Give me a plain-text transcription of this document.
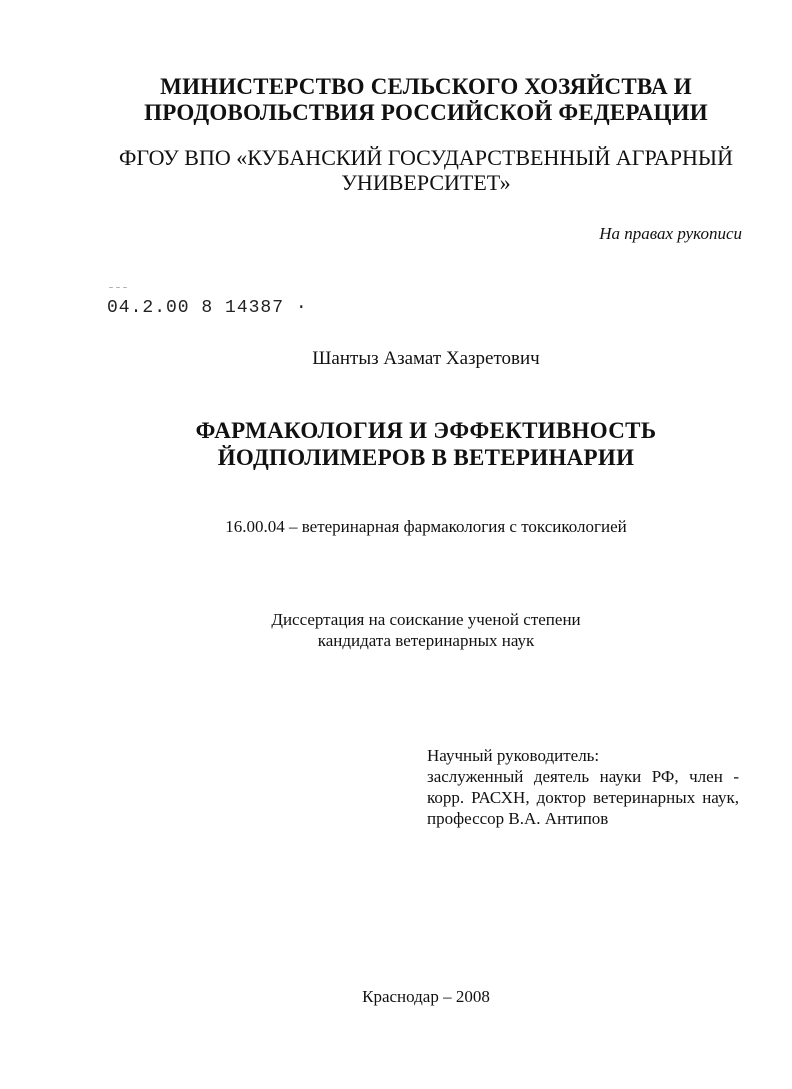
МИНИСТЕРСТВО СЕЛЬСКОГО ХОЗЯЙСТВА И
ПРОДОВОЛЬСТВИЯ РОССИЙСКОЙ ФЕДЕРАЦИИ
ФГОУ ВПО «КУБАНСКИЙ ГОСУДАРСТВЕННЫЙ АГРАРНЫЙ
УНИВЕРСИТЕТ»
На правах рукописи
¨¨¨
04.2.00 8 14387 ·
Шантыз Азамат Хазретович
ФАРМАКОЛОГИЯ И ЭФФЕКТИВНОСТЬ
ЙОДПОЛИМЕРОВ В ВЕТЕРИНАРИИ
16.00.04 – ветеринарная фармакология с токсикологией
Диссертация на соискание ученой степени
кандидата ветеринарных наук
Научный руководитель:
заслуженный деятель науки РФ, член - корр. РАСХН, доктор ветеринарных наук, профессор В.А. Антипов
Краснодар – 2008
